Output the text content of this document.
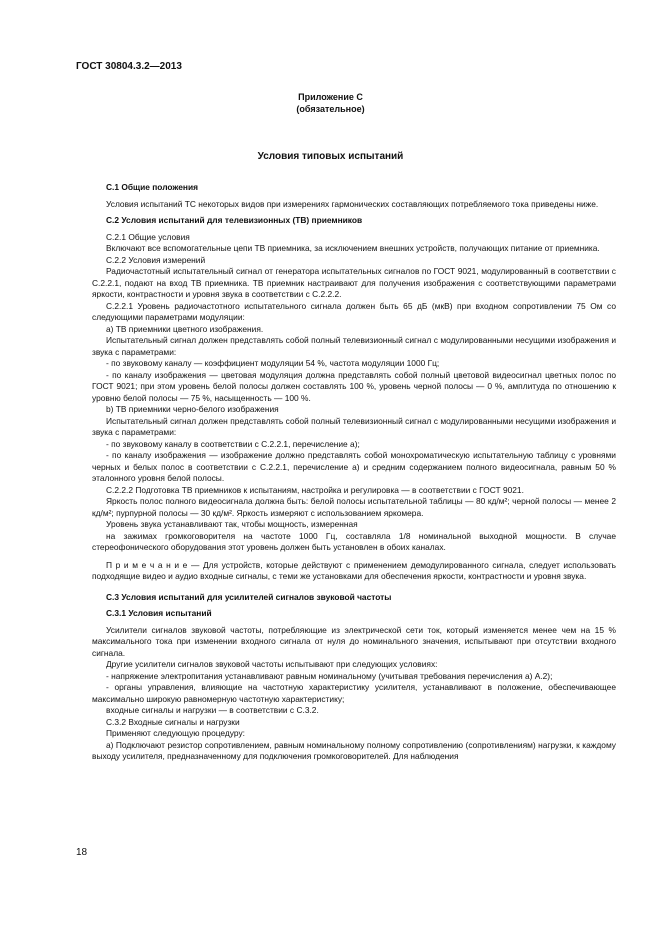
ГОСТ 30804.3.2—2013
Приложение С
(обязательное)
Условия типовых испытаний

С.1 Общие положения

Условия испытаний ТС некоторых видов при измерениях гармонических составляющих потребляемого тока приведены ниже.

С.2 Условия испытаний для телевизионных (ТВ) приемников

С.2.1 Общие условия

Включают все вспомогательные цепи ТВ приемника, за исключением внешних устройств, получающих питание от приемника.

С.2.2 Условия измерений

Радиочастотный испытательный сигнал от генератора испытательных сигналов по ГОСТ 9021, модулированный в соответствии с С.2.2.1, подают на вход ТВ приемника. ТВ приемник настраивают для получения изображения с соответствующими параметрами яркости, контрастности и уровня звука в соответствии с С.2.2.2.

С.2.2.1 Уровень радиочастотного испытательного сигнала должен быть 65 дБ (мкВ) при входном сопротивлении 75 Ом со следующими параметрами модуляции:

а) ТВ приемники цветного изображения.

Испытательный сигнал должен представлять собой полный телевизионный сигнал с модулированными несущими изображения и звука с параметрами:

- по звуковому каналу — коэффициент модуляции 54 %, частота модуляции 1000 Гц;

- по каналу изображения — цветовая модуляция должна представлять собой полный цветовой видеосигнал цветных полос по ГОСТ 9021; при этом уровень белой полосы должен составлять 100 %, уровень черной полосы — 0 %, амплитуда по отношению к уровню белой полосы — 75 %, насыщенность — 100 %.

b) ТВ приемники черно-белого изображения

Испытательный сигнал должен представлять собой полный телевизионный сигнал с модулированными несущими изображения и звука с параметрами:

- по звуковому каналу в соответствии с С.2.2.1, перечисление а);

- по каналу изображения — изображение должно представлять собой монохроматическую испытательную таблицу с уровнями черных и белых полос в соответствии с С.2.2.1, перечисление а) и средним содержанием полного видеосигнала, равным 50 % эталонного уровня белой полосы.

С.2.2.2 Подготовка ТВ приемников к испытаниям, настройка и регулировка — в соответствии с ГОСТ 9021.

Яркость полос полного видеосигнала должна быть: белой полосы испытательной таблицы — 80 кд/м²; черной полосы — менее 2 кд/м²; пурпурной полосы — 30 кд/м². Яркость измеряют с использованием яркомера.

Уровень звука устанавливают так, чтобы мощность, измеренная

на зажимах громкоговорителя на частоте 1000 Гц, составляла 1/8 номинальной выходной мощности. В случае стереофонического оборудования этот уровень должен быть установлен в обоих каналах.

П р и м е ч а н и е — Для устройств, которые действуют с применением демодулированного сигнала, следует использовать подходящие видео и аудио входные сигналы, с теми же установками для обеспечения яркости, контрастности и уровня звука.

С.3 Условия испытаний для усилителей сигналов звуковой частоты

С.3.1 Условия испытаний

Усилители сигналов звуковой частоты, потребляющие из электрической сети ток, который изменяется менее чем на 15 % максимального тока при изменении входного сигнала от нуля до номинального значения, испытывают при отсутствии входного сигнала.

Другие усилители сигналов звуковой частоты испытывают при следующих условиях:

- напряжение электропитания устанавливают равным номинальному (учитывая требования перечисления а) А.2);

- органы управления, влияющие на частотную характеристику усилителя, устанавливают в положение, обеспечивающее максимально широкую равномерную частотную характеристику;

входные сигналы и нагрузки — в соответствии с С.3.2.

С.3.2 Входные сигналы и нагрузки

Применяют следующую процедуру:

а) Подключают резистор сопротивлением, равным номинальному полному сопротивлению (сопротивлениям) нагрузки, к каждому выходу усилителя, предназначенному для подключения громкоговорителей. Для наблюдения

18
